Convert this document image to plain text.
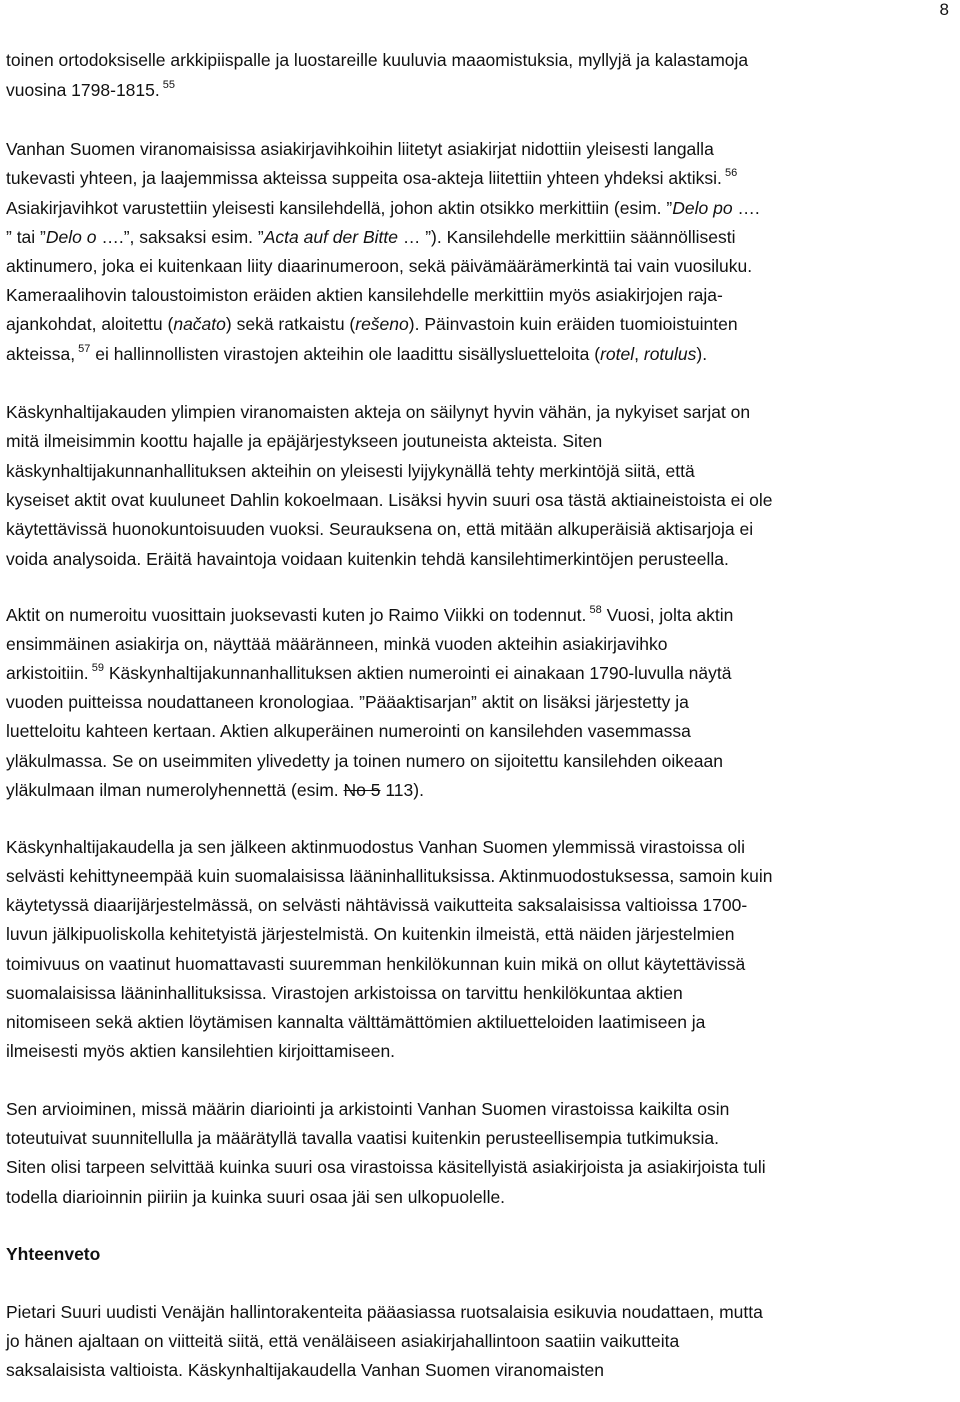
8
toinen ortodoksiselle arkkipiispalle ja luostareille kuuluvia maaomistuksia, myllyjä ja kalastamoja
vuosina 1798-1815. $^{55}$
Vanhan Suomen viranomaisissa asiakirjavihkoihin liitetyt asiakirjat nidottiin yleisesti langalla
tukevasti yhteen, ja laajemmissa akteissa suppeita osa-akteja liitettiin yhteen yhdeksi aktiksi. $^{56}$
Asiakirjavihkot varustettiin yleisesti kansilehdellä, johon aktin otsikko merkittiin (esim. ”Delo po ….
” tai ”Delo o ….”, saksaksi esim. ”Acta auf der Bitte … ”). Kansilehdelle merkittiin säännöllisesti
aktinumero, joka ei kuitenkaan liity diaarinumeroon, sekä päivämäärämerkintä tai vain vuosiluku.
Kameraalihovin taloustoimiston eräiden aktien kansilehdelle merkittiin myös asiakirjojen raja-
ajankohdat, aloitettu (načato) sekä ratkaistu (rešeno). Päinvastoin kuin eräiden tuomioistuinten
akteissa, $^{57}$ ei hallinnollisten virastojen akteihin ole laadittu sisällysluetteloita (rotel, rotulus).
Käskynhaltijakauden ylimpien viranomaisten akteja on säilynyt hyvin vähän, ja nykyiset sarjat on
mitä ilmeisimmin koottu hajalle ja epäjärjestykseen joutuneista akteista. Siten
käskynhaltijakunnanhallituksen akteihin on yleisesti lyijykynällä tehty merkintöjä siitä, että
kyseiset aktit ovat kuuluneet Dahlin kokoelmaan. Lisäksi hyvin suuri osa tästä aktiaineistoista ei ole
käytettävissä huonokuntoisuuden vuoksi. Seurauksena on, että mitään alkuperäisiä aktisarjoja ei
voida analysoida. Eräitä havaintoja voidaan kuitenkin tehdä kansilehtimerkintöjen perusteella.
Aktit on numeroitu vuosittain juoksevasti kuten jo Raimo Viikki on todennut. $^{58}$ Vuosi, jolta aktin
ensimmäinen asiakirja on, näyttää määränneen, minkä vuoden akteihin asiakirjavihko
arkistoitiin. $^{59}$ Käskynhaltijakunnanhallituksen aktien numerointi ei ainakaan 1790-luvulla näytä
vuoden puitteissa noudattaneen kronologiaa. ”Pääaktisarjan” aktit on lisäksi järjestetty ja
luetteloitu kahteen kertaan. Aktien alkuperäinen numerointi on kansilehden vasemmassa
yläkulmassa. Se on useimmiten ylivedetty ja toinen numero on sijoitettu kansilehden oikeaan
yläkulmaan ilman numerolyhennettä (esim. No 5 113).
Käskynhaltijakaudella ja sen jälkeen aktinmuodostus Vanhan Suomen ylemmissä virastoissa oli
selvästi kehittyneempää kuin suomalaisissa lääninhallituksissa. Aktinmuodostuksessa, samoin kuin
käytetyssä diaarijärjestelmässä, on selvästi nähtävissä vaikutteita saksalaisissa valtioissa 1700-
luvun jälkipuoliskolla kehitetyistä järjestelmistä. On kuitenkin ilmeistä, että näiden järjestelmien
toimivuus on vaatinut huomattavasti suuremman henkilökunnan kuin mikä on ollut käytettävissä
suomalaisissa lääninhallituksissa. Virastojen arkistoissa on tarvittu henkilökuntaa aktien
nitomiseen sekä aktien löytämisen kannalta välttämättömien aktiluetteloiden laatimiseen ja
ilmeisesti myös aktien kansilehtien kirjoittamiseen.
Sen arvioiminen, missä määrin diariointi ja arkistointi Vanhan Suomen virastoissa kaikilta osin
toteutuivat suunnitellulla ja määrätyllä tavalla vaatisi kuitenkin perusteellisempia tutkimuksia.
Siten olisi tarpeen selvittää kuinka suuri osa virastoissa käsitellyistä asiakirjoista ja asiakirjoista tuli
todella diarioinnin piiriin ja kuinka suuri osaa jäi sen ulkopuolelle.
Yhteenveto
Pietari Suuri uudisti Venäjän hallintorakenteita pääasiassa ruotsalaisia esikuvia noudattaen, mutta
jo hänen ajaltaan on viitteitä siitä, että venäläiseen asiakirjahallintoon saatiin vaikutteita
saksalaisista valtioista. Käskynhaltijakaudella Vanhan Suomen viranomaisten
